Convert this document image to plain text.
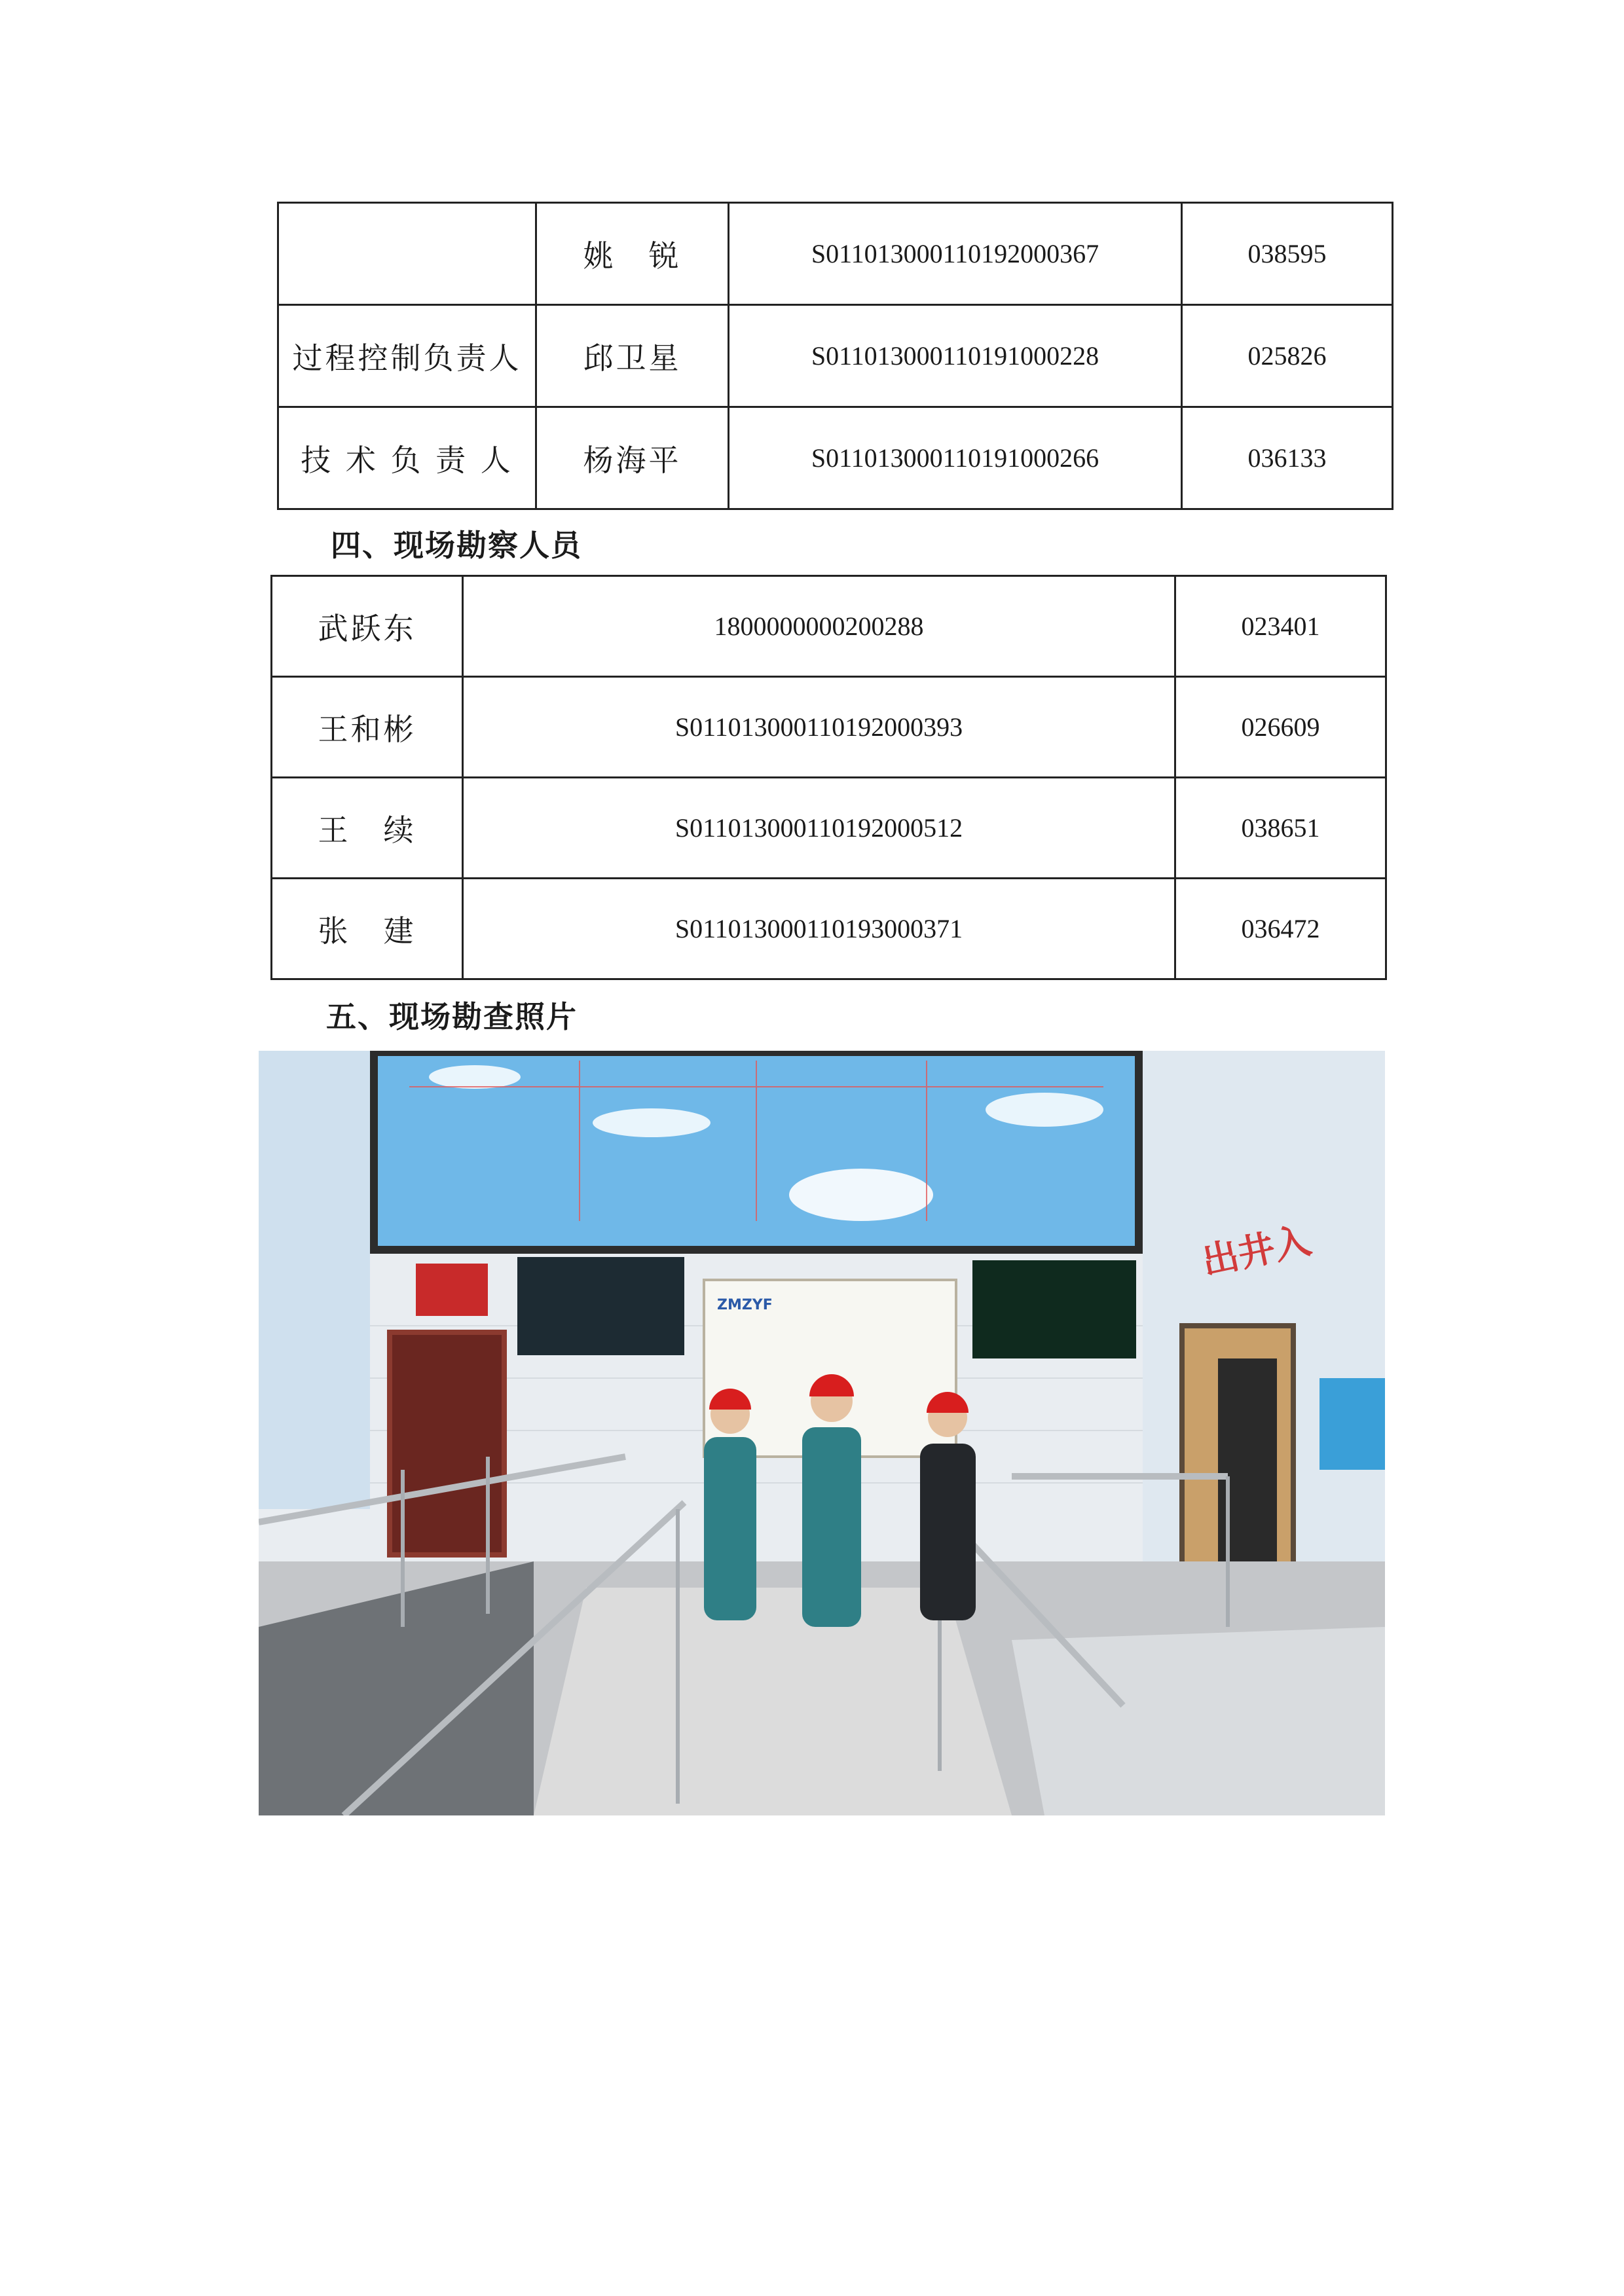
	姚　锐	S011013000110192000367	038595
过程控制负责人	邱卫星	S011013000110191000228	025826
技 术 负 责 人	杨海平	S011013000110191000266	036133
四、现场勘察人员
武跃东	1800000000200288	023401
王和彬	S011013000110192000393	026609
王　续	S011013000110192000512	038651
张　建	S011013000110193000371	036472
五、现场勘查照片
ZMZYF
出井入
